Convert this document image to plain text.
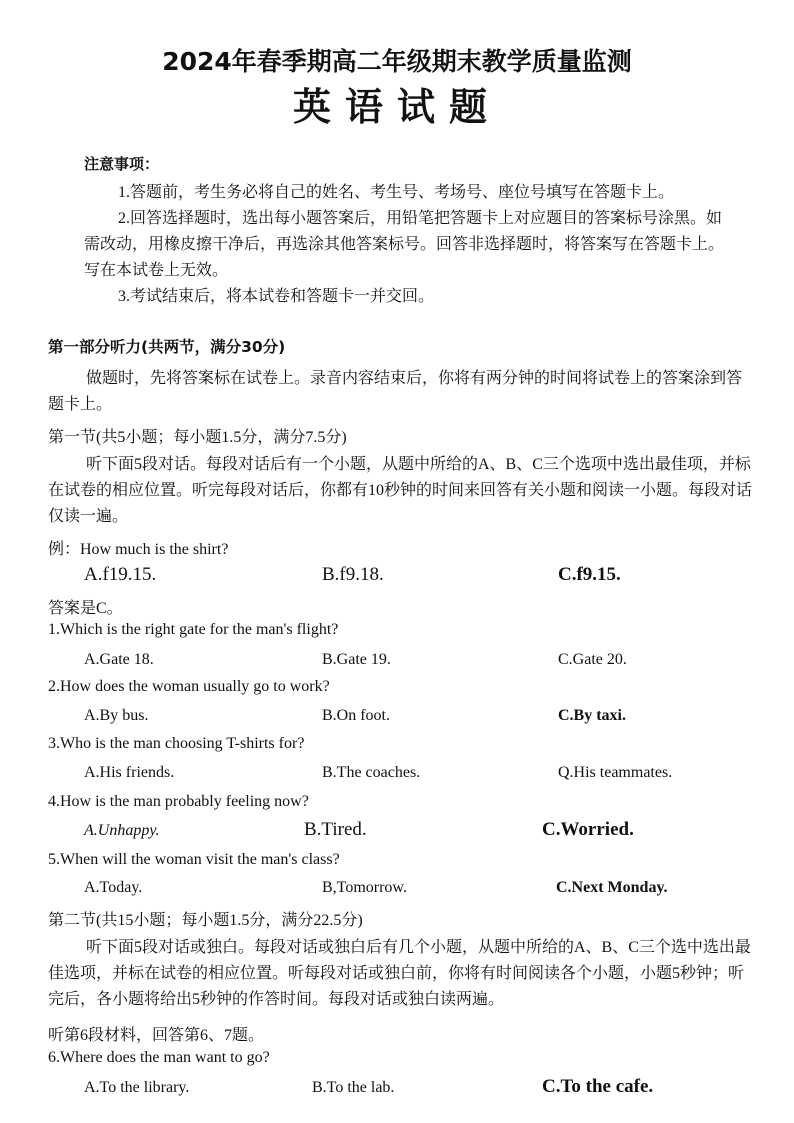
2024年春季期高二年级期末教学质量监测
英语试题
注意事项：

1.答题前，考生务必将自己的姓名、考生号、考场号、座位号填写在答题卡上。

2.回答选择题时，选出每小题答案后，用铅笔把答题卡上对应题目的答案标号涂黑。如需改动，用橡皮擦干净后，再选涂其他答案标号。回答非选择题时，将答案写在答题卡上。写在本试卷上无效。

3.考试结束后，将本试卷和答题卡一并交回。

第一部分听力(共两节，满分30分)

做题时，先将答案标在试卷上。录音内容结束后，你将有两分钟的时间将试卷上的答案涂到答题卡上。

第一节(共5小题；每小题1.5分，满分7.5分)

听下面5段对话。每段对话后有一个小题，从题中所给的A、B、C三个选项中选出最佳项，并标在试卷的相应位置。听完每段对话后，你都有10秒钟的时间来回答有关小题和阅读一小题。每段对话仅读一遍。

例：How much is the shirt?
A.f19.15.	B.f9.18.	C.f9.15.
答案是C。
1.Which is the right gate for the man's flight?
A.Gate 18.	B.Gate 19.	C.Gate 20.
2.How does the woman usually go to work?
A.By bus.	B.On foot.	C.By taxi.
3.Who is the man choosing T-shirts for?
A.His friends.	B.The coaches.	Q.His teammates.
4.How is the man probably feeling now?
A.Unhappy.	B.Tired.	C.Worried.
5.When will the woman visit the man's class?
A.Today.	B,Tomorrow.	C.Next Monday.
第二节(共15小题；每小题1.5分，满分22.5分)

听下面5段对话或独白。每段对话或独白后有几个小题，从题中所给的A、B、C三个选中选出最佳选项，并标在试卷的相应位置。听每段对话或独白前，你将有时间阅读各个小题，小题5秒钟；听完后，各小题将给出5秒钟的作答时间。每段对话或独白读两遍。

听第6段材料，回答第6、7题。
6.Where does the man want to go?
A.To the library.	B.To the lab.	C.To the cafe.
